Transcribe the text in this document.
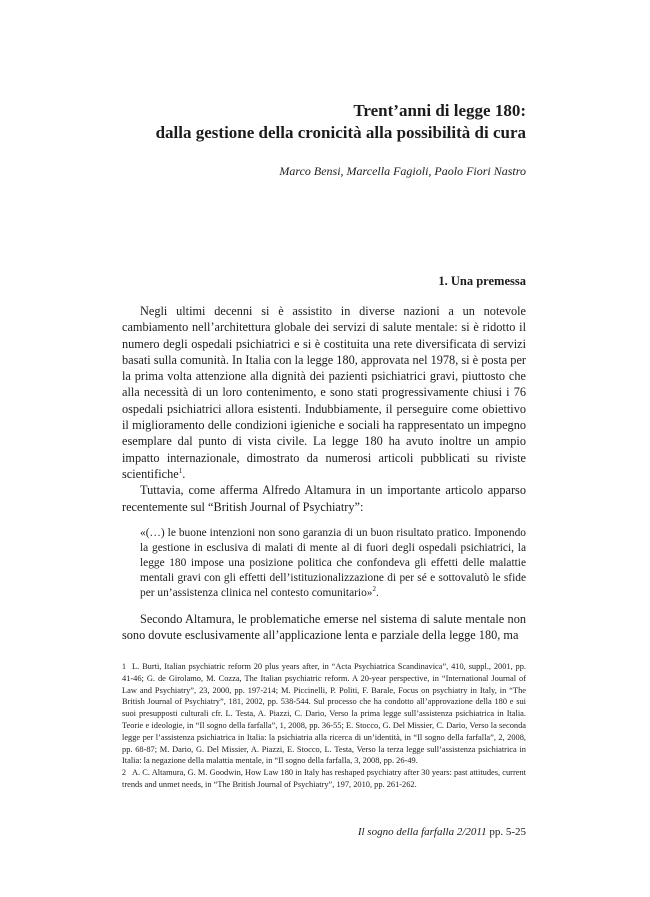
Trent’anni di legge 180:
dalla gestione della cronicità alla possibilità di cura
Marco Bensi, Marcella Fagioli, Paolo Fiori Nastro
1. Una premessa

Negli ultimi decenni si è assistito in diverse nazioni a un notevole cambiamento nell’architettura globale dei servizi di salute mentale: si è ridotto il numero degli ospedali psichiatrici e si è costituita una rete diversificata di servizi basati sulla comunità. In Italia con la legge 180, approvata nel 1978, si è posta per la prima volta attenzione alla dignità dei pazienti psichiatrici gravi, piuttosto che alla necessità di un loro contenimento, e sono stati progressivamente chiusi i 76 ospedali psichiatrici allora esistenti. Indubbiamente, il perseguire come obiettivo il miglioramento delle condizioni igieniche e sociali ha rappresentato un impegno esemplare dal punto di vista civile. La legge 180 ha avuto inoltre un ampio impatto internazionale, dimostrato da numerosi articoli pubblicati su riviste scientifiche$^1$.

Tuttavia, come afferma Alfredo Altamura in un importante articolo apparso recentemente sul “British Journal of Psychiatry”:

«(…) le buone intenzioni non sono garanzia di un buon risultato pratico. Imponendo la gestione in esclusiva di malati di mente al di fuori degli ospedali psichiatrici, la legge 180 impose una posizione politica che confondeva gli effetti delle malattie mentali gravi con gli effetti dell’istituzionalizzazione di per sé e sottovalutò le sfide per un’assistenza clinica nel contesto comunitario»$^2$.

Secondo Altamura, le problematiche emerse nel sistema di salute mentale non sono dovute esclusivamente all’applicazione lenta e parziale della legge 180, ma

1 L. Burti, Italian psychiatric reform 20 plus years after, in “Acta Psychiatrica Scandinavica”, 410, suppl., 2001, pp. 41-46; G. de Girolamo, M. Cozza, The Italian psychiatric reform. A 20-year perspective, in “International Journal of Law and Psychiatry”, 23, 2000, pp. 197-214; M. Piccinelli, P. Politi, F. Barale, Focus on psychiatry in Italy, in “The British Journal of Psychiatry”, 181, 2002, pp. 538-544. Sul processo che ha condotto all’approvazione della 180 e sui suoi presupposti culturali cfr. L. Testa, A. Piazzi, C. Dario, Verso la prima legge sull’assistenza psichiatrica in Italia. Teorie e ideologie, in “Il sogno della farfalla”, 1, 2008, pp. 36-55; E. Stocco, G. Del Missier, C. Dario, Verso la seconda legge per l’assistenza psichiatrica in Italia: la psichiatria alla ricerca di un’identità, in “Il sogno della farfalla”, 2, 2008, pp. 68-87; M. Dario, G. Del Missier, A. Piazzi, E. Stocco, L. Testa, Verso la terza legge sull’assistenza psichiatrica in Italia: la negazione della malattia mentale, in “Il sogno della farfalla, 3, 2008, pp. 26-49.

2 A. C. Altamura, G. M. Goodwin, How Law 180 in Italy has reshaped psychiatry after 30 years: past attitudes, current trends and unmet needs, in “The British Journal of Psychiatry”, 197, 2010, pp. 261-262.

Il sogno della farfalla 2/2011 pp. 5-25
